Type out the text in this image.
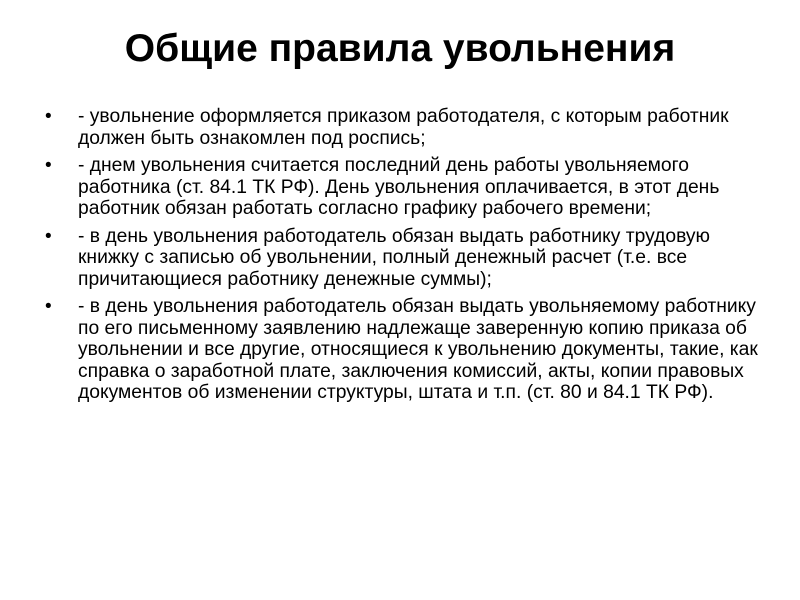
Общие правила увольнения
• - увольнение оформляется приказом работодателя, с которым работник должен быть ознакомлен под роспись;
• - днем увольнения считается последний день работы увольняемого работника (ст. 84.1 ТК РФ). День увольнения оплачивается, в этот день работник обязан работать согласно графику рабочего времени;
• - в день увольнения работодатель обязан выдать работнику трудовую книжку с записью об увольнении, полный денежный расчет (т.е. все причитающиеся работнику денежные суммы);
• - в день увольнения работодатель обязан выдать увольняемому работнику по его письменному заявлению надлежаще заверенную копию приказа об увольнении и все другие, относящиеся к увольнению документы, такие, как справка о заработной плате, заключения комиссий, акты, копии правовых документов об изменении структуры, штата и т.п. (ст. 80 и 84.1 ТК РФ).
